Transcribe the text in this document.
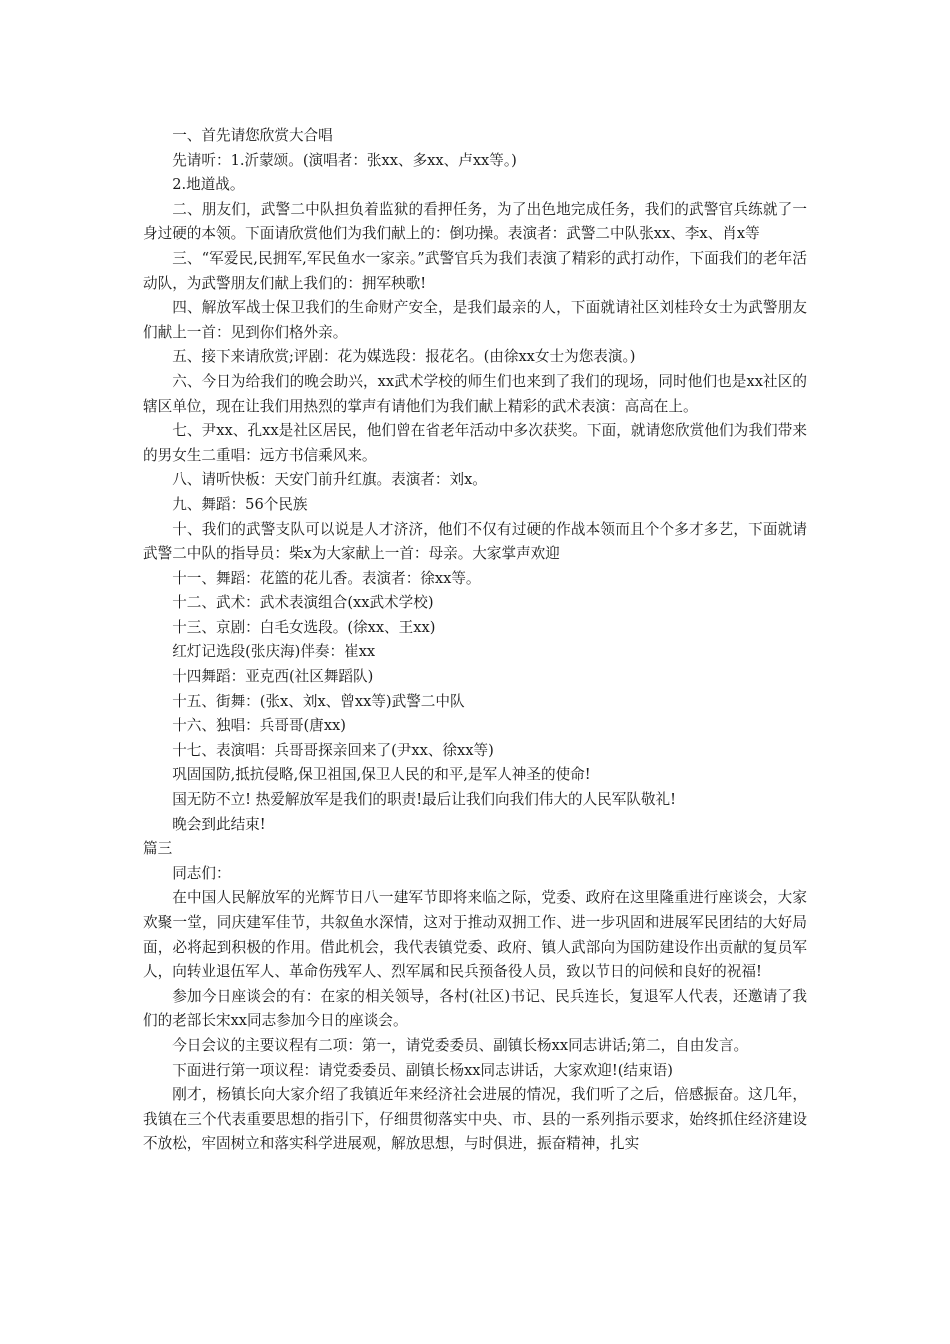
一、首先请您欣赏大合唱

先请听：1.沂蒙颂。(演唱者：张xx、多xx、卢xx等。)

2.地道战。

二、朋友们，武警二中队担负着监狱的看押任务，为了出色地完成任务，我们的武警官兵练就了一身过硬的本领。下面请欣赏他们为我们献上的：倒功操。表演者：武警二中队张xx、李x、肖x等

三、“军爱民,民拥军,军民鱼水一家亲。”武警官兵为我们表演了精彩的武打动作，下面我们的老年活动队，为武警朋友们献上我们的：拥军秧歌!

四、解放军战士保卫我们的生命财产安全，是我们最亲的人，下面就请社区刘桂玲女士为武警朋友们献上一首：见到你们格外亲。

五、接下来请欣赏;评剧：花为媒选段：报花名。(由徐xx女士为您表演。)

六、今日为给我们的晚会助兴，xx武术学校的师生们也来到了我们的现场，同时他们也是xx社区的辖区单位，现在让我们用热烈的掌声有请他们为我们献上精彩的武术表演：高高在上。

七、尹xx、孔xx是社区居民，他们曾在省老年活动中多次获奖。下面，就请您欣赏他们为我们带来的男女生二重唱：远方书信乘风来。

八、请听快板：天安门前升红旗。表演者：刘x。

九、舞蹈：56个民族

十、我们的武警支队可以说是人才济济，他们不仅有过硬的作战本领而且个个多才多艺，下面就请武警二中队的指导员：柴x为大家献上一首：母亲。大家掌声欢迎

十一、舞蹈：花篮的花儿香。表演者：徐xx等。

十二、武术：武术表演组合(xx武术学校)

十三、京剧：白毛女选段。(徐xx、王xx)

红灯记选段(张庆海)伴奏：崔xx

十四舞蹈：亚克西(社区舞蹈队)

十五、街舞：(张x、刘x、曾xx等)武警二中队

十六、独唱：兵哥哥(唐xx)

十七、表演唱：兵哥哥探亲回来了(尹xx、徐xx等)

巩固国防,抵抗侵略,保卫祖国,保卫人民的和平,是军人神圣的使命!

国无防不立! 热爱解放军是我们的职责!最后让我们向我们伟大的人民军队敬礼!

晚会到此结束!

篇三

同志们：

在中国人民解放军的光辉节日八一建军节即将来临之际，党委、政府在这里隆重进行座谈会，大家欢聚一堂，同庆建军佳节，共叙鱼水深情，这对于推动双拥工作、进一步巩固和进展军民团结的大好局面，必将起到积极的作用。借此机会，我代表镇党委、政府、镇人武部向为国防建设作出贡献的复员军人，向转业退伍军人、革命伤残军人、烈军属和民兵预备役人员，致以节日的问候和良好的祝福!

参加今日座谈会的有：在家的相关领导，各村(社区)书记、民兵连长，复退军人代表，还邀请了我们的老部长宋xx同志参加今日的座谈会。

今日会议的主要议程有二项：第一，请党委委员、副镇长杨xx同志讲话;第二，自由发言。

下面进行第一项议程：请党委委员、副镇长杨xx同志讲话，大家欢迎!(结束语)

刚才，杨镇长向大家介绍了我镇近年来经济社会进展的情况，我们听了之后，倍感振奋。这几年，我镇在三个代表重要思想的指引下，仔细贯彻落实中央、市、县的一系列指示要求，始终抓住经济建设不放松，牢固树立和落实科学进展观，解放思想，与时俱进，振奋精神，扎实
